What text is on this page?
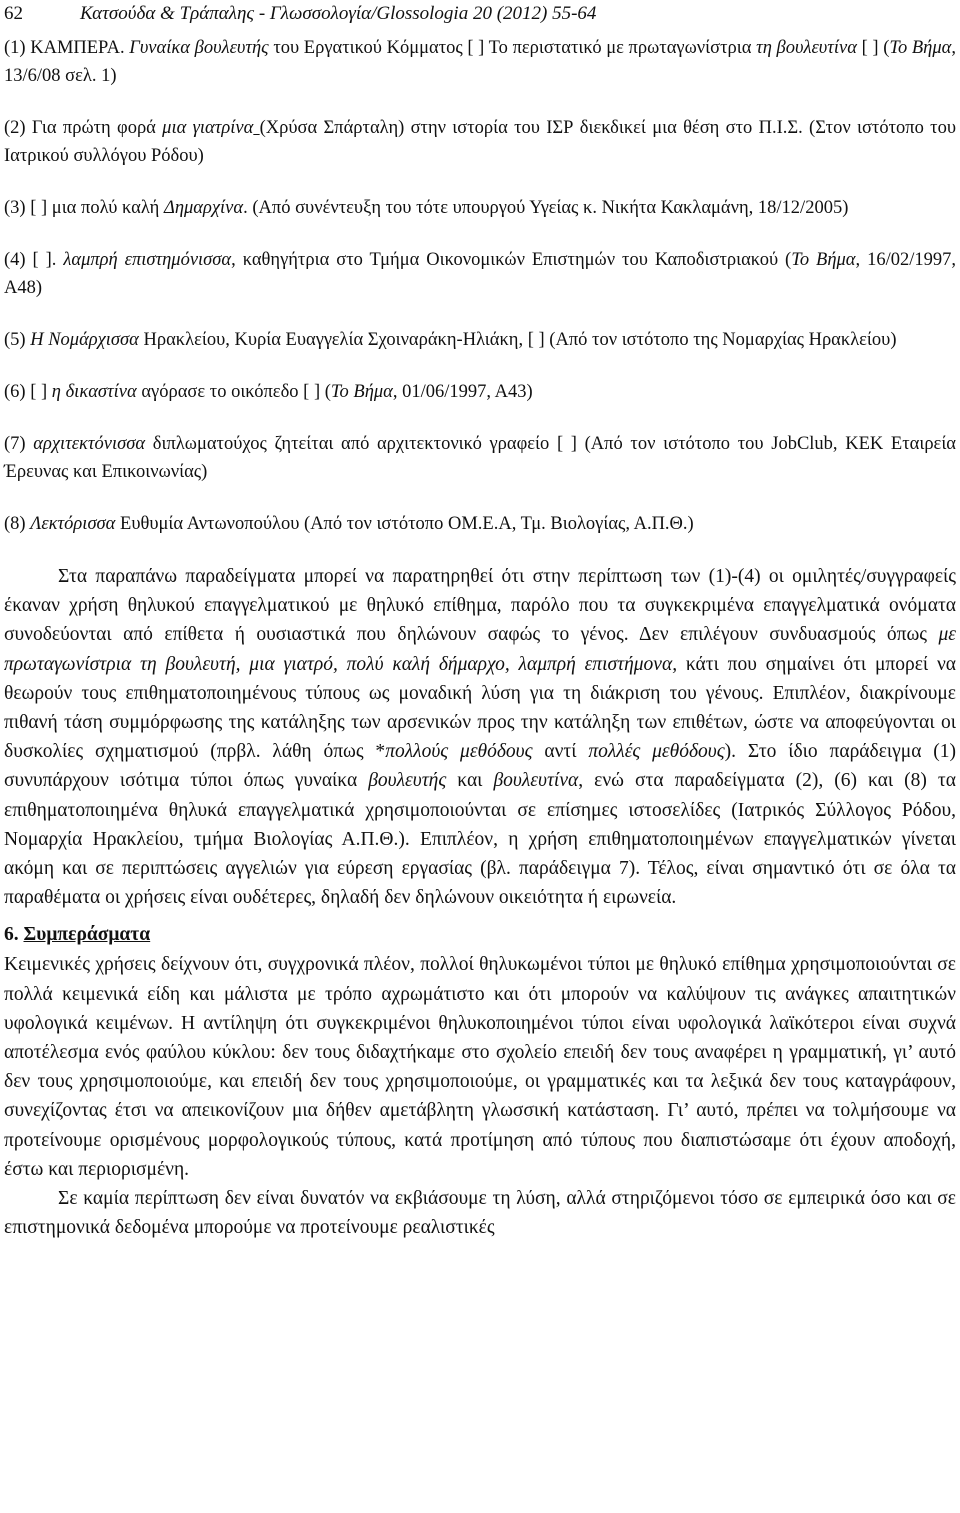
62	Κατσούδα & Τράπαλης - Γλωσσολογία/Glossologia 20 (2012) 55-64

(1) ΚΑΜΠΕΡΑ. Γυναίκα βουλευτής του Εργατικού Κόμματος [ ] Το περιστατικό με πρωταγωνίστρια τη βουλευτίνα [ ] (Το Βήμα, 13/6/08 σελ. 1)

(2) Για πρώτη φορά μια γιατρίνα (Χρύσα Σπάρταλη) στην ιστορία του ΙΣΡ διεκδικεί μια θέση στο Π.Ι.Σ. (Στον ιστότοπο του Ιατρικού συλλόγου Ρόδου)

(3) [ ] μια πολύ καλή Δημαρχίνα. (Από συνέντευξη του τότε υπουργού Υγείας κ. Νικήτα Κακλαμάνη, 18/12/2005)

(4) [ ]. λαμπρή επιστημόνισσα, καθηγήτρια στο Τμήμα Οικονομικών Επιστημών του Καποδιστριακού (Το Βήμα, 16/02/1997, Α48)

(5) Η Νομάρχισσα Ηρακλείου, Κυρία Ευαγγελία Σχοιναράκη-Ηλιάκη, [ ] (Από τον ιστότοπο της Νομαρχίας Ηρακλείου)

(6) [ ] η δικαστίνα αγόρασε το οικόπεδο [ ] (Το Βήμα, 01/06/1997, Α43)

(7) αρχιτεκτόνισσα διπλωματούχος ζητείται από αρχιτεκτονικό γραφείο [ ] (Από τον ιστότοπο του JobClub, ΚΕΚ Εταιρεία Έρευνας και Επικοινωνίας)

(8) Λεκτόρισσα Ευθυμία Αντωνοπούλου (Από τον ιστότοπο ΟΜ.Ε.Α, Τμ. Βιολογίας, Α.Π.Θ.)

Στα παραπάνω παραδείγματα μπορεί να παρατηρηθεί ότι στην περίπτωση των (1)-(4) οι ομιλητές/συγγραφείς έκαναν χρήση θηλυκού επαγγελματικού με θηλυκό επίθημα, παρόλο που τα συγκεκριμένα επαγγελματικά ονόματα συνοδεύονται από επίθετα ή ουσιαστικά που δηλώνουν σαφώς το γένος. Δεν επιλέγουν συνδυασμούς όπως με πρωταγωνίστρια τη βουλευτή, μια γιατρό, πολύ καλή δήμαρχο, λαμπρή επιστήμονα, κάτι που σημαίνει ότι μπορεί να θεωρούν τους επιθηματοποιημένους τύπους ως μοναδική λύση για τη διάκριση του γένους. Επιπλέον, διακρίνουμε πιθανή τάση συμμόρφωσης της κατάληξης των αρσενικών προς την κατάληξη των επιθέτων, ώστε να αποφεύγονται οι δυσκολίες σχηματισμού (πρβλ. λάθη όπως *πολλούς μεθόδους αντί πολλές μεθόδους). Στο ίδιο παράδειγμα (1) συνυπάρχουν ισότιμα τύποι όπως γυναίκα βουλευτής και βουλευτίνα, ενώ στα παραδείγματα (2), (6) και (8) τα επιθηματοποιημένα θηλυκά επαγγελματικά χρησιμοποιούνται σε επίσημες ιστοσελίδες (Ιατρικός Σύλλογος Ρόδου, Νομαρχία Ηρακλείου, τμήμα Βιολογίας Α.Π.Θ.). Επιπλέον, η χρήση επιθηματοποιημένων επαγγελματικών γίνεται ακόμη και σε περιπτώσεις αγγελιών για εύρεση εργασίας (βλ. παράδειγμα 7). Τέλος, είναι σημαντικό ότι σε όλα τα παραθέματα οι χρήσεις είναι ουδέτερες, δηλαδή δεν δηλώνουν οικειότητα ή ειρωνεία.

6. Συμπεράσματα

Κειμενικές χρήσεις δείχνουν ότι, συγχρονικά πλέον, πολλοί θηλυκωμένοι τύποι με θηλυκό επίθημα χρησιμοποιούνται σε πολλά κειμενικά είδη και μάλιστα με τρόπο αχρωμάτιστο και ότι μπορούν να καλύψουν τις ανάγκες απαιτητικών υφολογικά κειμένων. Η αντίληψη ότι συγκεκριμένοι θηλυκοποιημένοι τύποι είναι υφολογικά λαϊκότεροι είναι συχνά αποτέλεσμα ενός φαύλου κύκλου: δεν τους διδαχτήκαμε στο σχολείο επειδή δεν τους αναφέρει η γραμματική, γι’ αυτό δεν τους χρησιμοποιούμε, και επειδή δεν τους χρησιμοποιούμε, οι γραμματικές και τα λεξικά δεν τους καταγράφουν, συνεχίζοντας έτσι να απεικονίζουν μια δήθεν αμετάβλητη γλωσσική κατάσταση. Γι’ αυτό, πρέπει να τολμήσουμε να προτείνουμε ορισμένους μορφολογικούς τύπους, κατά προτίμηση από τύπους που διαπιστώσαμε ότι έχουν αποδοχή, έστω και περιορισμένη.

Σε καμία περίπτωση δεν είναι δυνατόν να εκβιάσουμε τη λύση, αλλά στηριζόμενοι τόσο σε εμπειρικά όσο και σε επιστημονικά δεδομένα μπορούμε να προτείνουμε ρεαλιστικές
